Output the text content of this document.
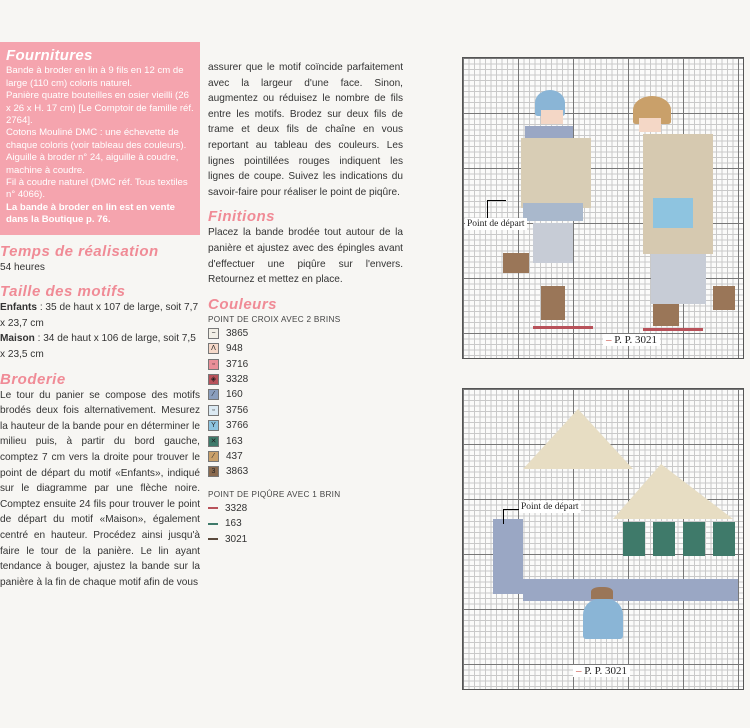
Fournitures

Bande à broder en lin à 9 fils en 12 cm de large (110 cm) coloris naturel.

Panière quatre bouteilles en osier vieilli (26 x 26 x H. 17 cm) [Le Comptoir de famille réf. 2764].

Cotons Mouliné DMC : une échevette de chaque coloris (voir tableau des couleurs).

Aiguille à broder n° 24, aiguille à coudre, machine à coudre.

Fil à coudre naturel (DMC réf. Tous textiles n° 4066).

La bande à broder en lin est en vente dans la Boutique p. 76.

Temps de réalisation

54 heures

Taille des motifs

Enfants : 35 de haut x 107 de large, soit 7,7 x 23,7 cm

Maison : 34 de haut x 106 de large, soit 7,5 x 23,5 cm

Broderie

Le tour du panier se compose des motifs brodés deux fois alternativement. Mesurez la hauteur de la bande pour en déterminer le milieu puis, à partir du bord gauche, comptez 7 cm vers la droite pour trouver le point de départ du motif «Enfants», indiqué sur le diagramme par une flèche noire. Comptez ensuite 24 fils pour trouver le point de départ du motif «Maison», également centré en hauteur. Procédez ainsi jusqu'à faire le tour de la panière. Le lin ayant tendance à bouger, ajustez la bande sur la panière à la fin de chaque motif afin de vous

assurer que le motif coïncide parfaitement avec la largeur d'une face. Sinon, augmentez ou réduisez le nombre de fils entre les motifs. Brodez sur deux fils de trame et deux fils de chaîne en vous reportant au tableau des couleurs. Les lignes pointillées rouges indiquent les lignes de coupe. Suivez les indications du savoir-faire pour réaliser le point de piqûre.

Finitions

Placez la bande brodée tout autour de la panière et ajustez avec des épingles avant d'effectuer une piqûre sur l'envers. Retournez et mettez en place.

Couleurs
POINT DE CROIX AVEC 2 BRINS
−	3865
Λ	948
▫	3716
◈ 3328
⁄	160
▫	3756
Y	3766
✕ 163
⁄	437
3	3863
POINT DE PIQÛRE AVEC 1 BRIN
3328
163
3021
Point de départ
– P. P. 3021
Point de départ
– P. P. 3021
